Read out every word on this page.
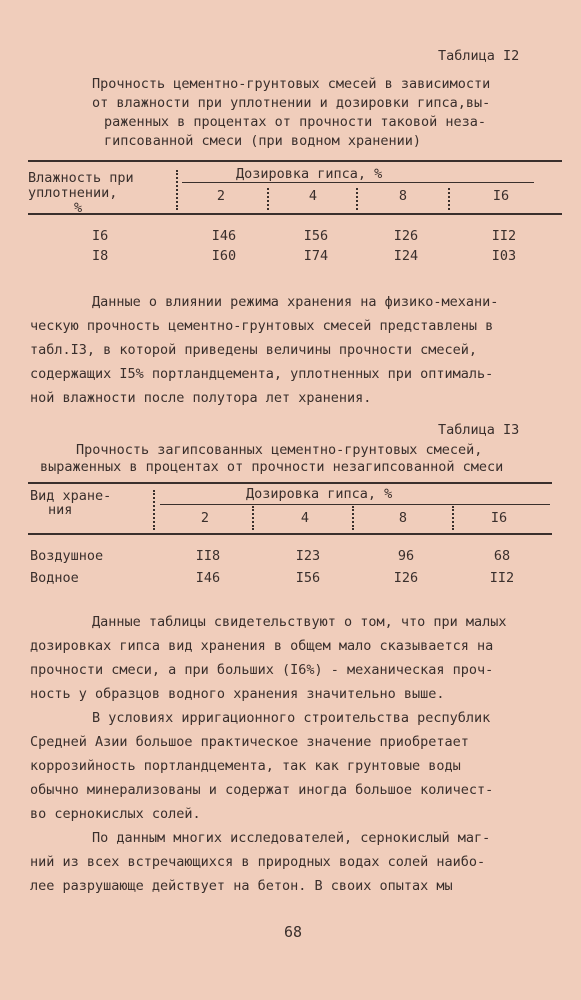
Таблица I2
Прочность цементно-грунтовых смесей в зависимости
от влажности при уплотнении и дозировки гипса,вы-
раженных в процентах от прочности таковой неза-
гипсованной смеси (при водном хранении)
Влажность при
уплотнении,
%
Дозировка гипса, %
2	4	8	I6
I6	I46	I56	I26	II2
I8	I60	I74	I24	I03
Данные о влиянии режима хранения на физико-механи-
ческую прочность цементно-грунтовых смесей представлены в
табл.I3, в которой приведены величины прочности смесей,
содержащих I5% портландцемента, уплотненных при оптималь-
ной влажности после полутора лет хранения.
Таблица I3
Прочность загипсованных цементно-грунтовых смесей,
выраженных в процентах от прочности незагипсованной смеси
Вид хране-
ния
Дозировка гипса, %
2	4	8	I6
Воздушное	II8	I23	96	68
Водное	I46	I56	I26	II2
Данные таблицы свидетельствуют о том, что при малых
дозировках гипса вид хранения в общем мало сказывается на
прочности смеси, а при больших (I6%) - механическая проч-
ность у образцов водного хранения значительно выше.
В условиях ирригационного строительства республик
Средней Азии большое практическое значение приобретает
коррозийность портландцемента, так как грунтовые воды
обычно минерализованы и содержат иногда большое количест-
во сернокислых солей.
По данным многих исследователей, сернокислый маг-
ний из всех встречающихся в природных водах солей наибо-
лее разрушающе действует на бетон. В своих опытах мы
68
